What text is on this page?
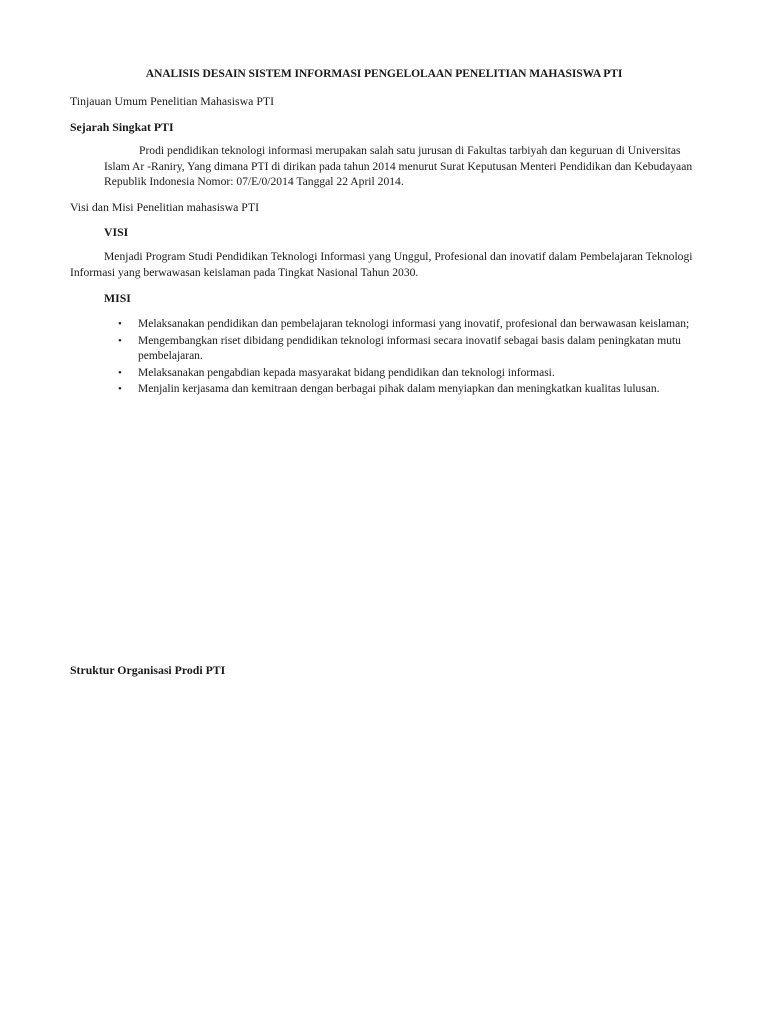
ANALISIS DESAIN SISTEM INFORMASI PENGELOLAAN PENELITIAN MAHASISWA PTI
Tinjauan Umum Penelitian Mahasiswa PTI
Sejarah Singkat PTI

Prodi pendidikan teknologi informasi merupakan salah satu jurusan di Fakultas tarbiyah dan keguruan di Universitas

Islam Ar -Raniry, Yang dimana PTI di dirikan pada tahun 2014 menurut Surat Keputusan Menteri Pendidikan dan Kebudayaan

Republik Indonesia Nomor: 07/E/0/2014 Tanggal 22 April 2014.

Visi dan Misi Penelitian mahasiswa PTI
VISI

Menjadi Program Studi Pendidikan Teknologi Informasi yang Unggul, Profesional dan inovatif dalam Pembelajaran Teknologi

Informasi yang berwawasan keislaman pada Tingkat Nasional Tahun 2030.

MISI
• Melaksanakan pendidikan dan pembelajaran teknologi informasi yang inovatif, profesional dan berwawasan keislaman;
• Mengembangkan riset dibidang pendidikan teknologi informasi secara inovatif sebagai basis dalam peningkatan mutu pembelajaran.
• Melaksanakan pengabdian kepada masyarakat bidang pendidikan dan teknologi informasi.
• Menjalin kerjasama dan kemitraan dengan berbagai pihak dalam menyiapkan dan meningkatkan kualitas lulusan.
Struktur Organisasi Prodi PTI
